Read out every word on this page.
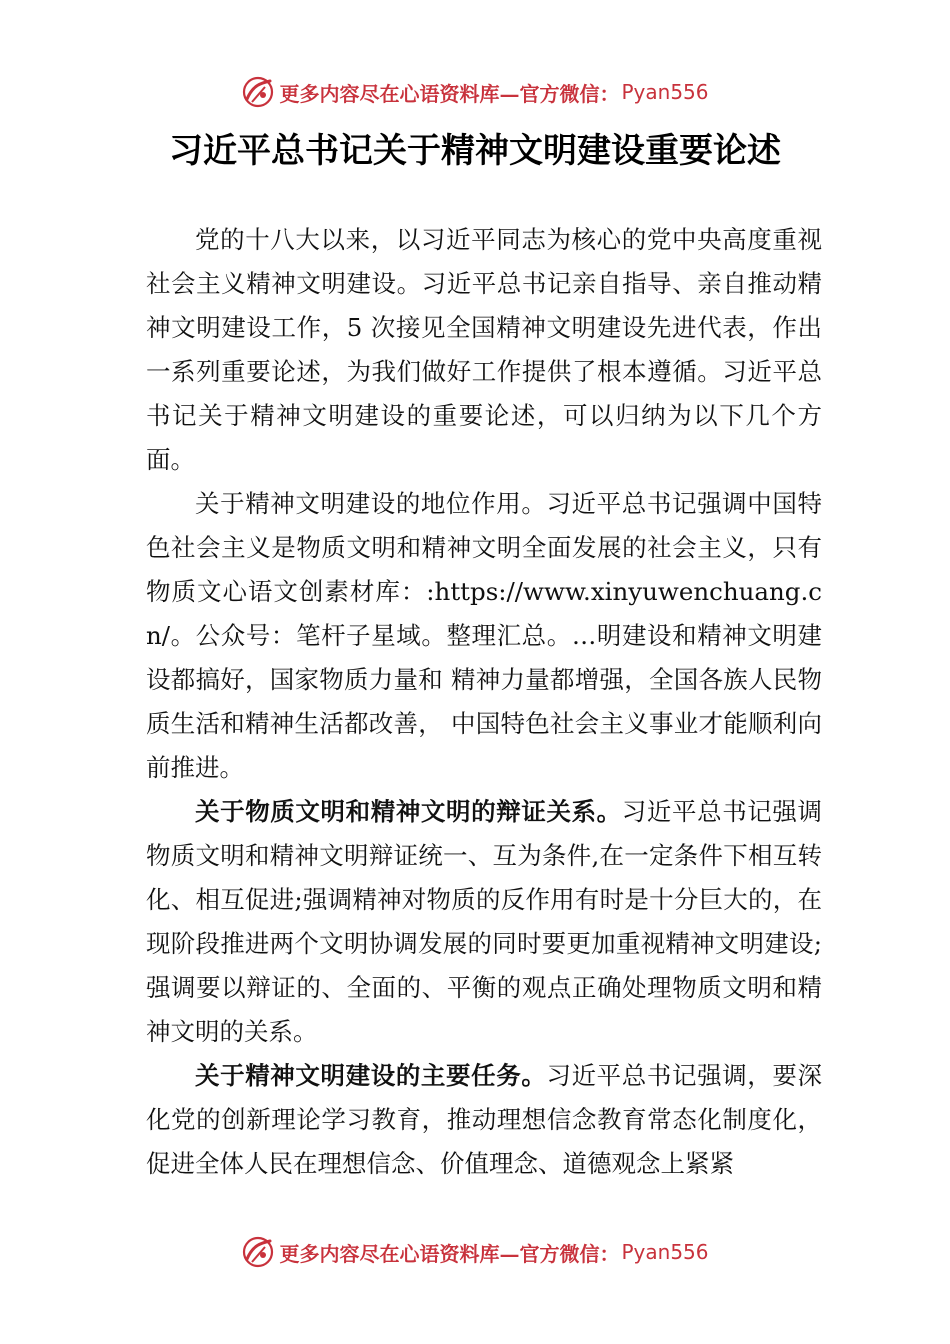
更多内容尽在心语资料库—官方微信： Pyan556
习近平总书记关于精神文明建设重要论述

党的十八大以来，以习近平同志为核心的党中央高度重视社会主义精神文明建设。习近平总书记亲自指导、亲自推动精神文明建设工作，5 次接见全国精神文明建设先进代表，作出一系列重要论述，为我们做好工作提供了根本遵循。习近平总书记关于精神文明建设的重要论述，可以归纳为以下几个方面。

关于精神文明建设的地位作用。习近平总书记强调中国特色社会主义是物质文明和精神文明全面发展的社会主义，只有物质文心语文创素材库：:https://www.xinyuwenchuang.cn/。公众号：笔杆子星域。整理汇总。…明建设和精神文明建设都搞好，国家物质力量和 精神力量都增强，全国各族人民物质生活和精神生活都改善， 中国特色社会主义事业才能顺利向前推进。

关于物质文明和精神文明的辩证关系。习近平总书记强调物质文明和精神文明辩证统一、互为条件,在一定条件下相互转化、相互促进;强调精神对物质的反作用有时是十分巨大的，在现阶段推进两个文明协调发展的同时要更加重视精神文明建设;强调要以辩证的、全面的、平衡的观点正确处理物质文明和精神文明的关系。

关于精神文明建设的主要任务。习近平总书记强调，要深化党的创新理论学习教育，推动理想信念教育常态化制度化，促进全体人民在理想信念、价值理念、道德观念上紧紧

更多内容尽在心语资料库—官方微信： Pyan556
